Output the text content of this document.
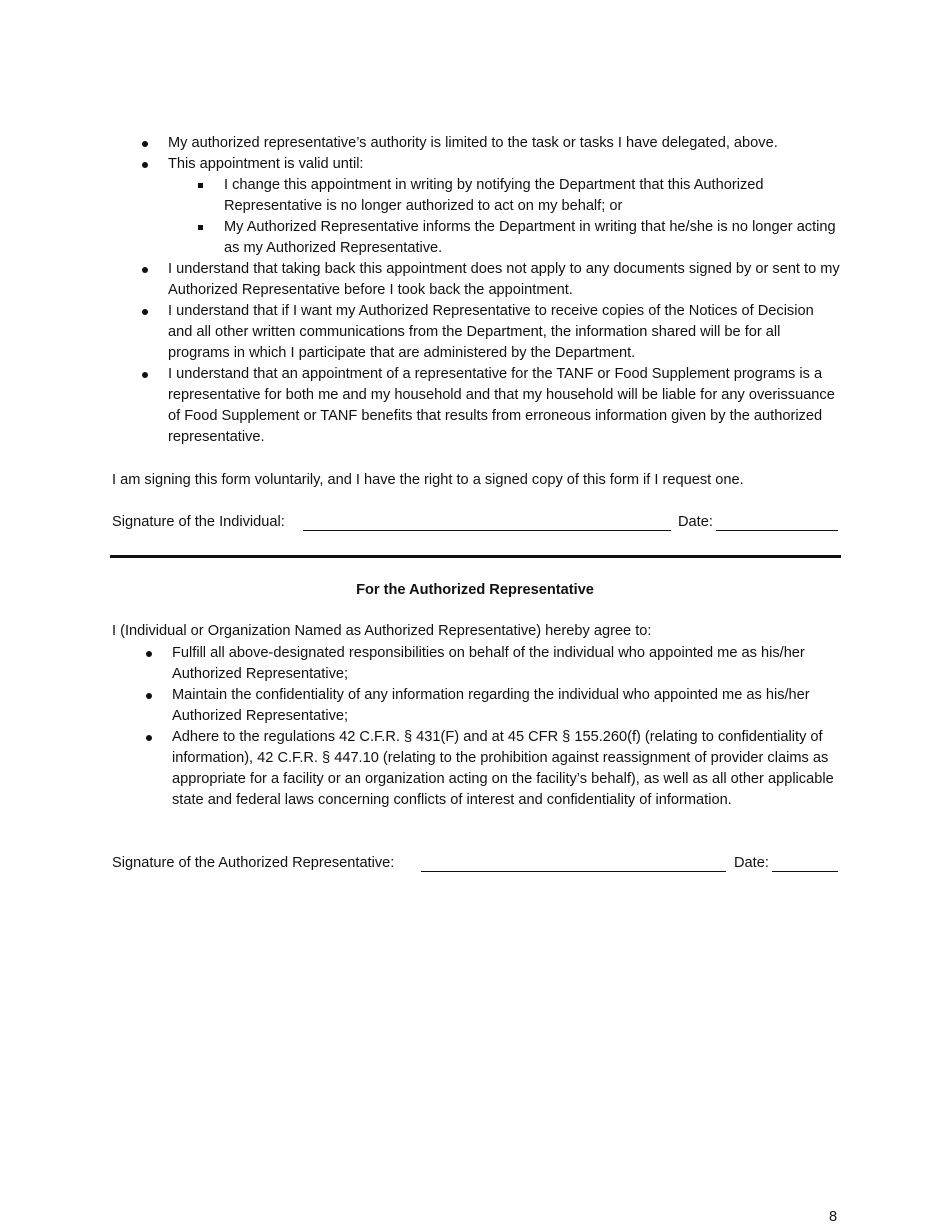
My authorized representative’s authority is limited to the task or tasks I have delegated, above.
This appointment is valid until:
I change this appointment in writing by notifying the Department that this Authorized Representative is no longer authorized to act on my behalf; or
My Authorized Representative informs the Department in writing that he/she is no longer acting as my Authorized Representative.
I understand that taking back this appointment does not apply to any documents signed by or sent to my Authorized Representative before I took back the appointment.
I understand that if I want my Authorized Representative to receive copies of the Notices of Decision and all other written communications from the Department, the information shared will be for all programs in which I participate that are administered by the Department.
I understand that an appointment of a representative for the TANF or Food Supplement programs is a representative for both me and my household and that my household will be liable for any overissuance of Food Supplement or TANF benefits that results from erroneous information given by the authorized representative.
I am signing this form voluntarily, and I have the right to a signed copy of this form if I request one.
Signature of the Individual:	Date:
For the Authorized Representative
I (Individual or Organization Named as Authorized Representative) hereby agree to:
Fulfill all above-designated responsibilities on behalf of the individual who appointed me as his/her Authorized Representative;
Maintain the confidentiality of any information regarding the individual who appointed me as his/her Authorized Representative;
Adhere to the regulations 42 C.F.R. § 431(F) and at 45 CFR § 155.260(f) (relating to confidentiality of information), 42 C.F.R. § 447.10 (relating to the prohibition against reassignment of provider claims as appropriate for a facility or an organization acting on the facility’s behalf), as well as all other applicable state and federal laws concerning conflicts of interest and confidentiality of information.
Signature of the Authorized Representative:	Date:
8
